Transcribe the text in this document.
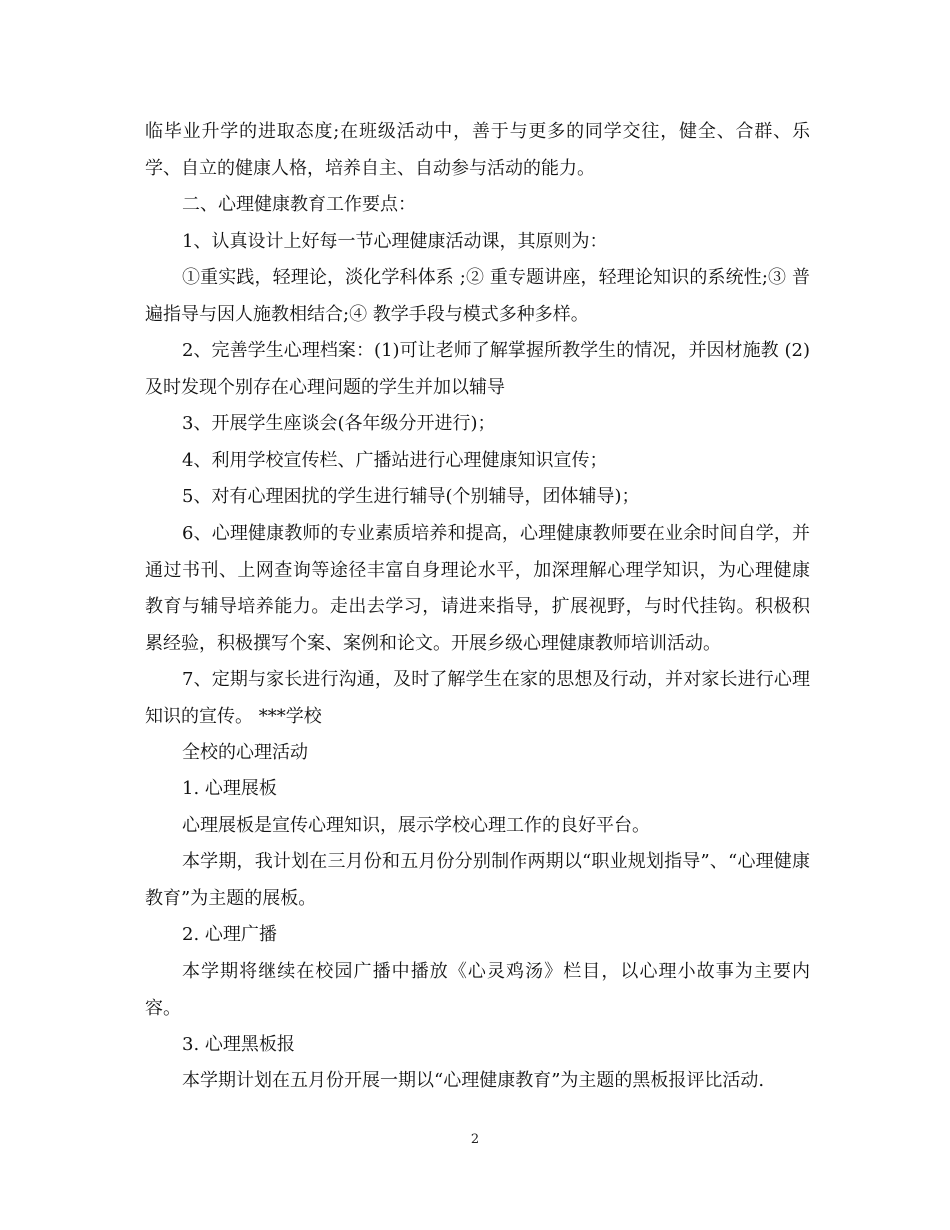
临毕业升学的进取态度;在班级活动中，善于与更多的同学交往，健全、合群、乐学、自立的健康人格，培养自主、自动参与活动的能力。

二、心理健康教育工作要点：

1、认真设计上好每一节心理健康活动课，其原则为：

①重实践，轻理论，淡化学科体系 ;② 重专题讲座，轻理论知识的系统性;③ 普遍指导与因人施教相结合;④ 教学手段与模式多种多样。

2、完善学生心理档案：(1)可让老师了解掌握所教学生的情况，并因材施教 (2)及时发现个别存在心理问题的学生并加以辅导

3、开展学生座谈会(各年级分开进行)；

4、利用学校宣传栏、广播站进行心理健康知识宣传；

5、对有心理困扰的学生进行辅导(个别辅导，团体辅导)；

6、心理健康教师的专业素质培养和提高，心理健康教师要在业余时间自学，并通过书刊、上网查询等途径丰富自身理论水平，加深理解心理学知识，为心理健康教育与辅导培养能力。走出去学习，请进来指导，扩展视野，与时代挂钩。积极积累经验，积极撰写个案、案例和论文。开展乡级心理健康教师培训活动。

7、定期与家长进行沟通，及时了解学生在家的思想及行动，并对家长进行心理知识的宣传。 ***学校

全校的心理活动

1. 心理展板

心理展板是宣传心理知识，展示学校心理工作的良好平台。

本学期，我计划在三月份和五月份分别制作两期以“职业规划指导”、“心理健康教育”为主题的展板。

2. 心理广播

本学期将继续在校园广播中播放《心灵鸡汤》栏目，以心理小故事为主要内容。

3. 心理黑板报

本学期计划在五月份开展一期以“心理健康教育”为主题的黑板报评比活动.

2
